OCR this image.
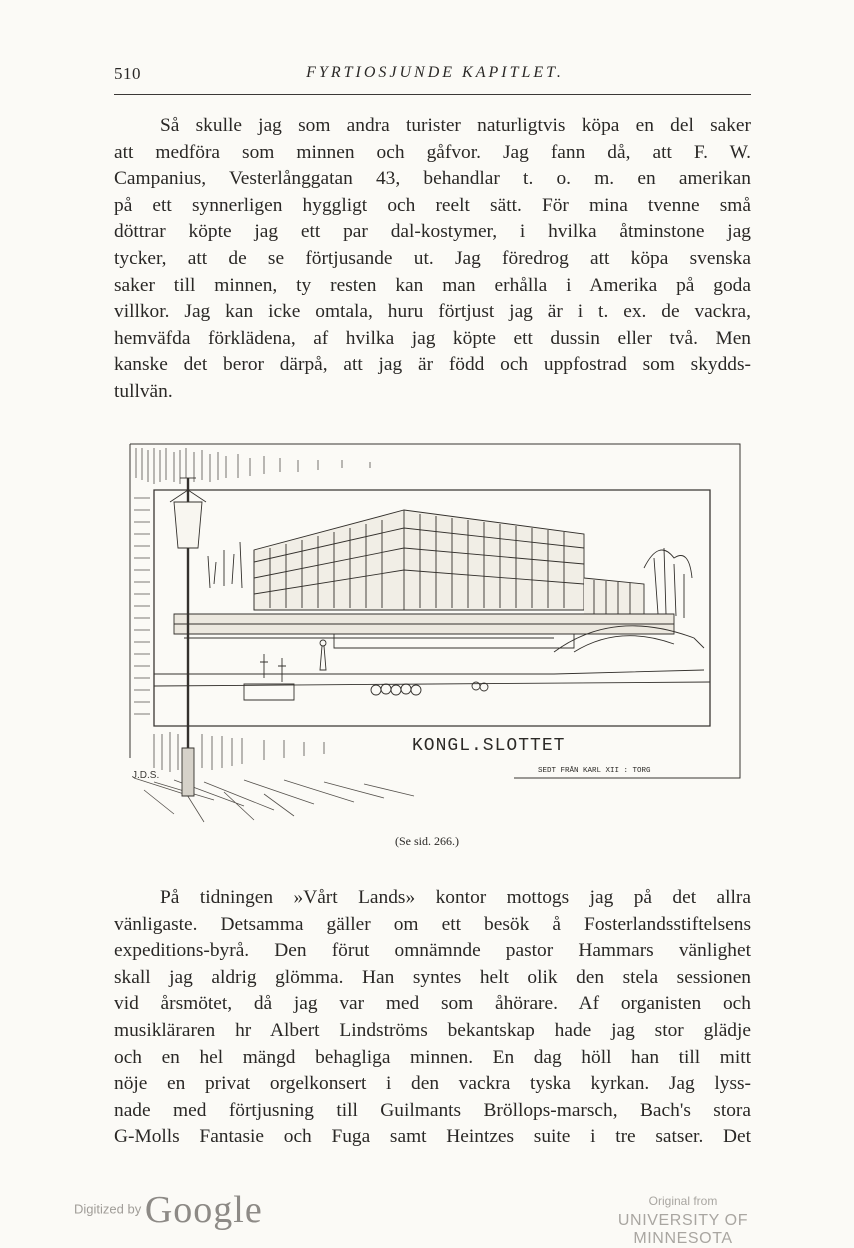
510	FYRTIOSJUNDE KAPITLET.

Så skulle jag som andra turister naturligtvis köpa en del saker
att medföra som minnen och gåfvor. Jag fann då, att F. W.
Campanius, Vesterlånggatan 43, behandlar t. o. m. en amerikan
på ett synnerligen hyggligt och reelt sätt. För mina tvenne små
döttrar köpte jag ett par dal-kostymer, i hvilka åtminstone jag
tycker, att de se förtjusande ut. Jag föredrog att köpa svenska
saker till minnen, ty resten kan man erhålla i Amerika på goda
villkor. Jag kan icke omtala, huru förtjust jag är i t. ex. de vackra,
hemväfda förklädena, af hvilka jag köpte ett dussin eller två. Men
kanske det beror därpå, att jag är född och uppfostrad som skydds-
tullvän.

J.D.S.
KONGL.SLOTTET
SEDT FRÅN KARL XII : TORG
(Se sid. 266.)

På tidningen »Vårt Lands» kontor mottogs jag på det allra
vänligaste. Detsamma gäller om ett besök å Fosterlandsstiftelsens
expeditions-byrå. Den förut omnämnde pastor Hammars vänlighet
skall jag aldrig glömma. Han syntes helt olik den stela sessionen
vid årsmötet, då jag var med som åhörare. Af organisten och
musikläraren hr Albert Lindströms bekantskap hade jag stor glädje
och en hel mängd behagliga minnen. En dag höll han till mitt
nöje en privat orgelkonsert i den vackra tyska kyrkan. Jag lyss-
nade med förtjusning till Guilmants Bröllops-marsch, Bach's stora
G-Molls Fantasie och Fuga samt Heintzes suite i tre satser. Det

Digitized by Google	Original from
UNIVERSITY OF MINNESOTA
